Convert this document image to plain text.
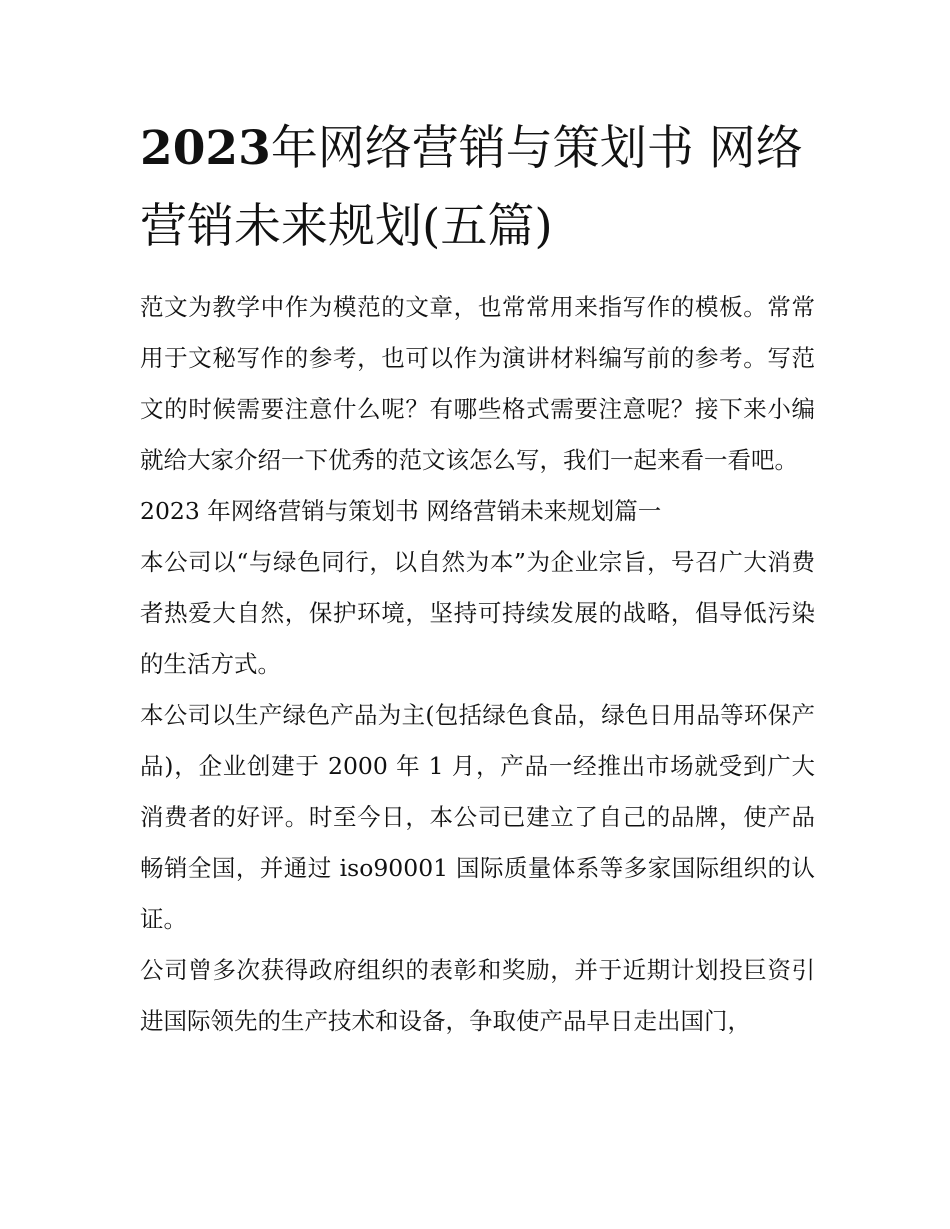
2023年网络营销与策划书 网络营销未来规划(五篇)

范文为教学中作为模范的文章，也常常用来指写作的模板。常常用于文秘写作的参考，也可以作为演讲材料编写前的参考。写范文的时候需要注意什么呢？有哪些格式需要注意呢？接下来小编就给大家介绍一下优秀的范文该怎么写，我们一起来看一看吧。

2023 年网络营销与策划书 网络营销未来规划篇一

本公司以“与绿色同行，以自然为本”为企业宗旨，号召广大消费者热爱大自然，保护环境，坚持可持续发展的战略，倡导低污染的生活方式。

本公司以生产绿色产品为主(包括绿色食品，绿色日用品等环保产品)，企业创建于 2000 年 1 月，产品一经推出市场就受到广大消费者的好评。时至今日，本公司已建立了自己的品牌，使产品畅销全国，并通过 iso90001 国际质量体系等多家国际组织的认证。

公司曾多次获得政府组织的表彰和奖励，并于近期计划投巨资引进国际领先的生产技术和设备，争取使产品早日走出国门，
